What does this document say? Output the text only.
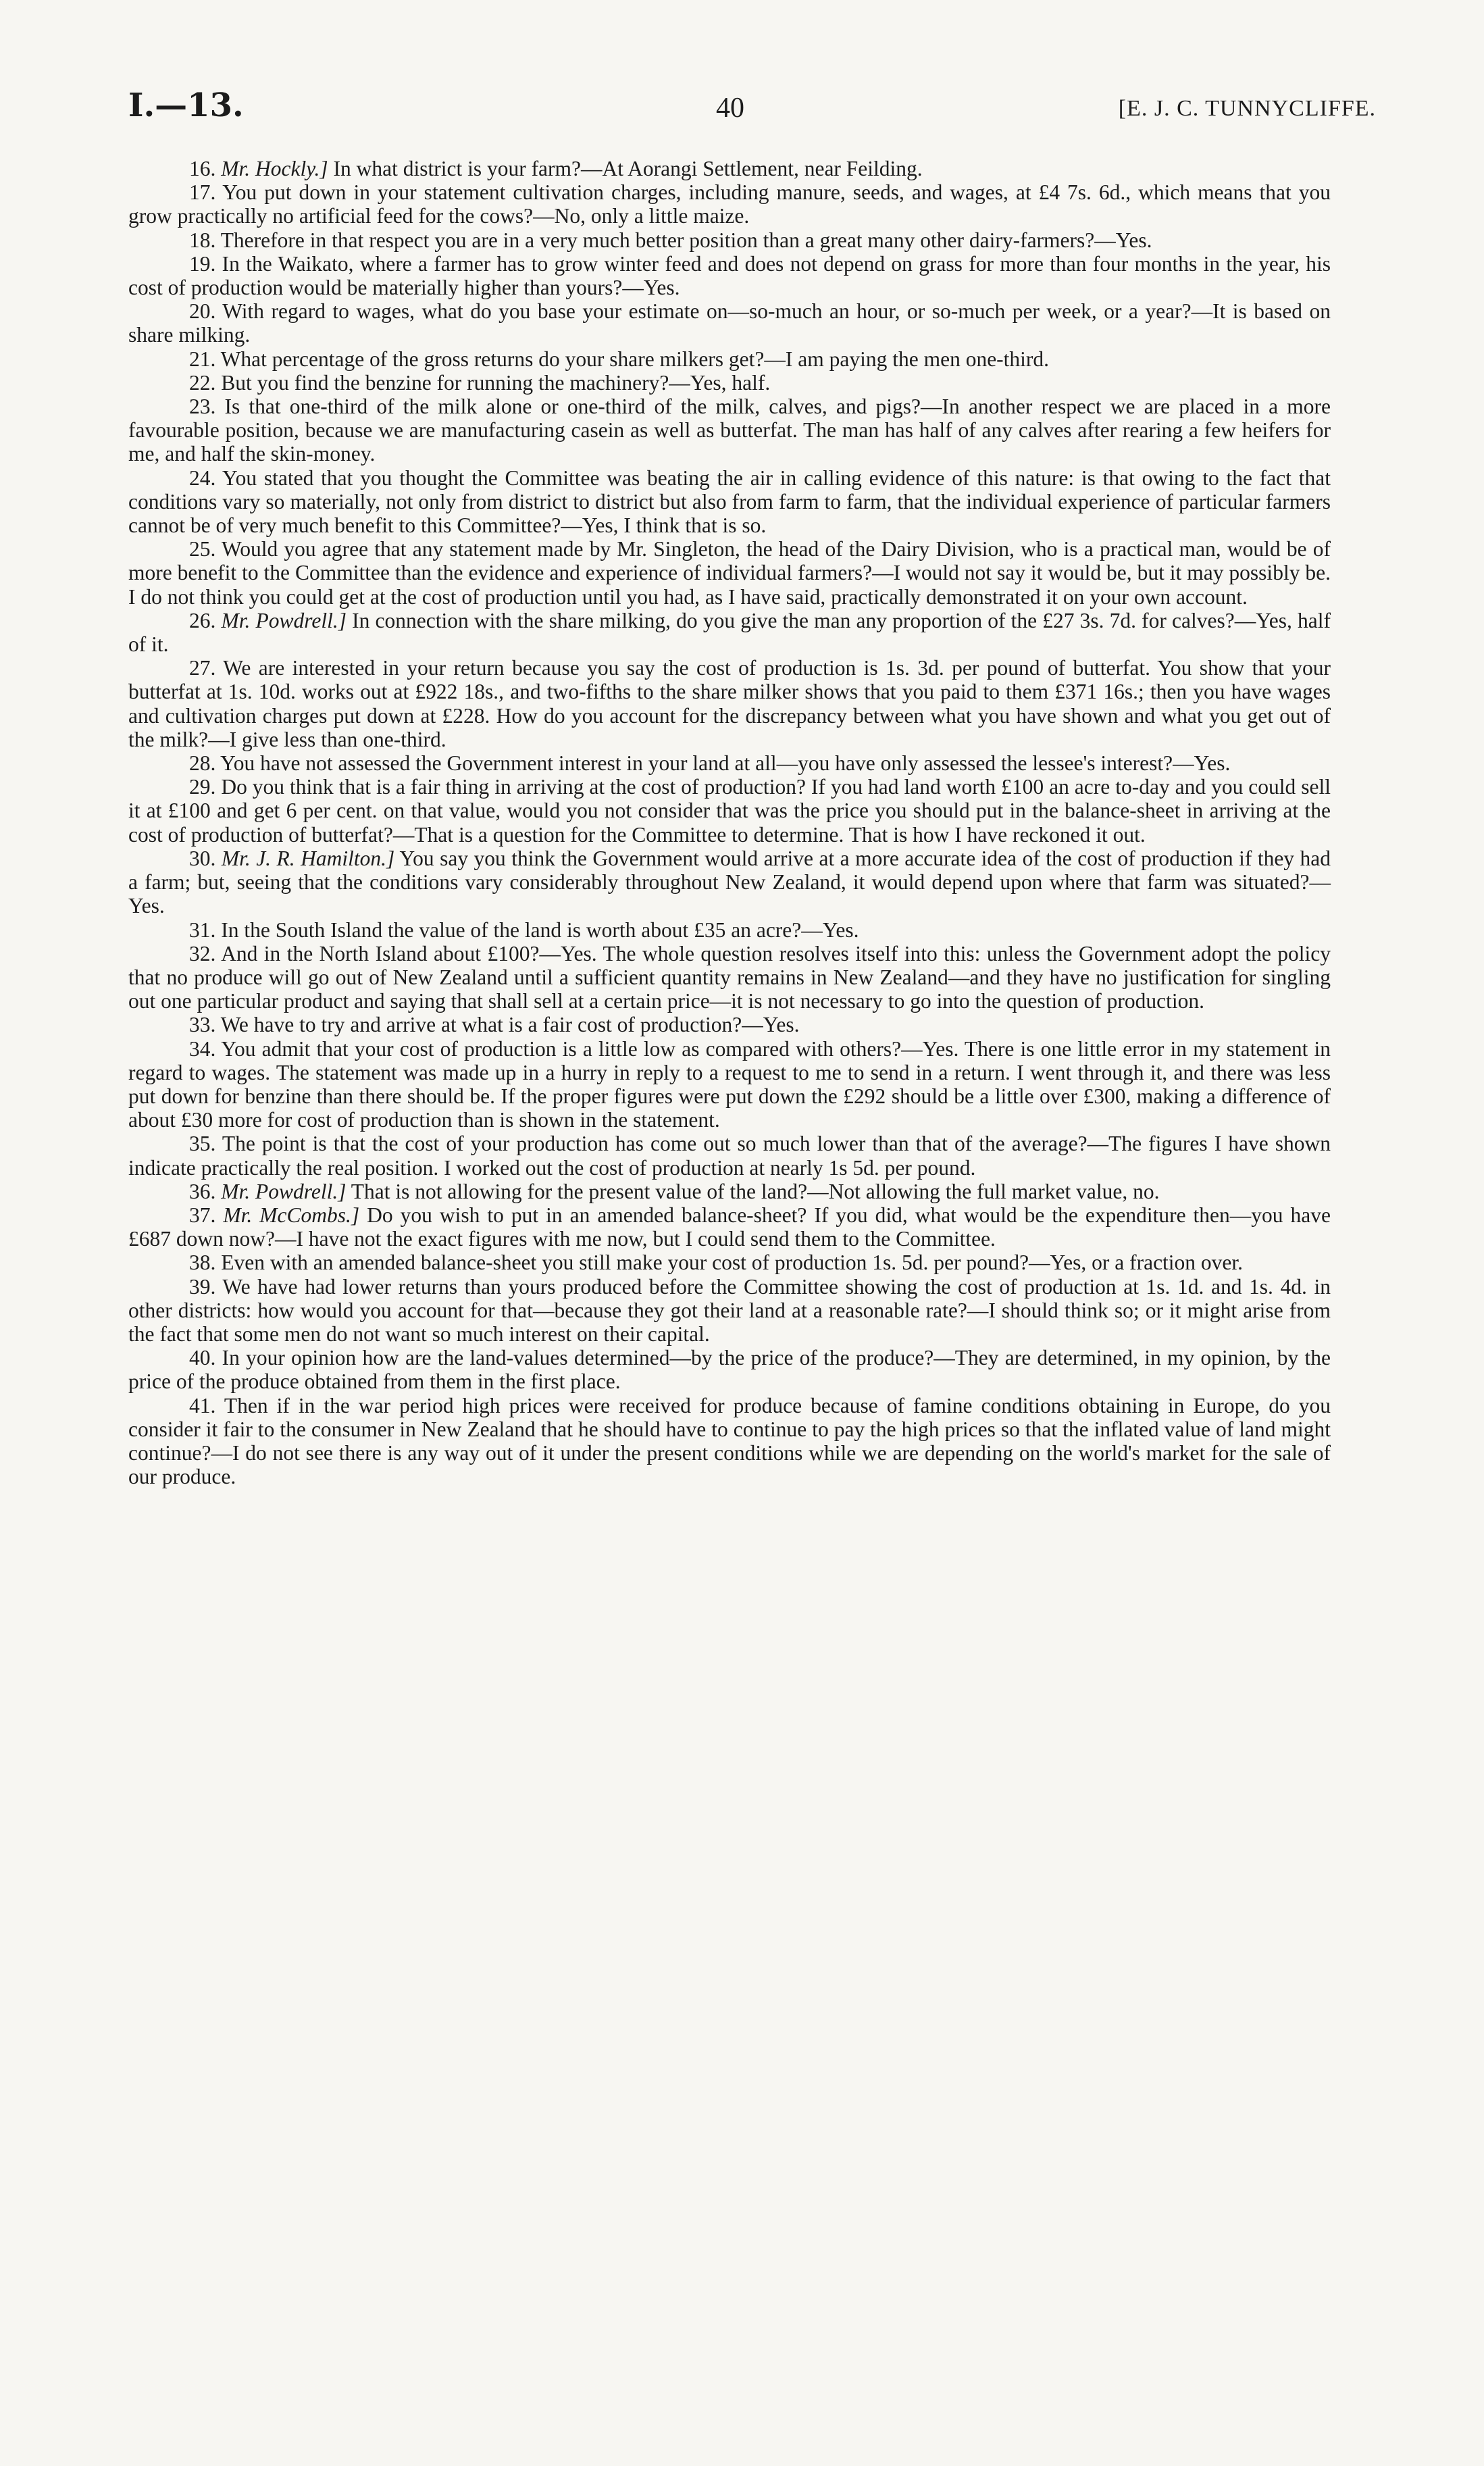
I.—13.	40	[E. J. C. TUNNYCLIFFE.

16. Mr. Hockly.] In what district is your farm?—At Aorangi Settlement, near Feilding.

17. You put down in your statement cultivation charges, including manure, seeds, and wages, at £4 7s. 6d., which means that you grow practically no artificial feed for the cows?—No, only a little maize.

18. Therefore in that respect you are in a very much better position than a great many other dairy-farmers?—Yes.

19. In the Waikato, where a farmer has to grow winter feed and does not depend on grass for more than four months in the year, his cost of production would be materially higher than yours?—Yes.

20. With regard to wages, what do you base your estimate on—so-much an hour, or so-much per week, or a year?—It is based on share milking.

21. What percentage of the gross returns do your share milkers get?—I am paying the men one-third.

22. But you find the benzine for running the machinery?—Yes, half.

23. Is that one-third of the milk alone or one-third of the milk, calves, and pigs?—In another respect we are placed in a more favourable position, because we are manufacturing casein as well as butterfat. The man has half of any calves after rearing a few heifers for me, and half the skin-money.

24. You stated that you thought the Committee was beating the air in calling evidence of this nature: is that owing to the fact that conditions vary so materially, not only from district to district but also from farm to farm, that the individual experience of particular farmers cannot be of very much benefit to this Committee?—Yes, I think that is so.

25. Would you agree that any statement made by Mr. Singleton, the head of the Dairy Division, who is a practical man, would be of more benefit to the Committee than the evidence and experience of individual farmers?—I would not say it would be, but it may possibly be. I do not think you could get at the cost of production until you had, as I have said, practically demonstrated it on your own account.

26. Mr. Powdrell.] In connection with the share milking, do you give the man any proportion of the £27 3s. 7d. for calves?—Yes, half of it.

27. We are interested in your return because you say the cost of production is 1s. 3d. per pound of butterfat. You show that your butterfat at 1s. 10d. works out at £922 18s., and two-fifths to the share milker shows that you paid to them £371 16s.; then you have wages and cultivation charges put down at £228. How do you account for the discrepancy between what you have shown and what you get out of the milk?—I give less than one-third.

28. You have not assessed the Government interest in your land at all—you have only assessed the lessee's interest?—Yes.

29. Do you think that is a fair thing in arriving at the cost of production? If you had land worth £100 an acre to-day and you could sell it at £100 and get 6 per cent. on that value, would you not consider that was the price you should put in the balance-sheet in arriving at the cost of production of butterfat?—That is a question for the Committee to determine. That is how I have reckoned it out.

30. Mr. J. R. Hamilton.] You say you think the Government would arrive at a more accurate idea of the cost of production if they had a farm; but, seeing that the conditions vary considerably throughout New Zealand, it would depend upon where that farm was situated?—Yes.

31. In the South Island the value of the land is worth about £35 an acre?—Yes.

32. And in the North Island about £100?—Yes. The whole question resolves itself into this: unless the Government adopt the policy that no produce will go out of New Zealand until a sufficient quantity remains in New Zealand—and they have no justification for singling out one particular product and saying that shall sell at a certain price—it is not necessary to go into the question of production.

33. We have to try and arrive at what is a fair cost of production?—Yes.

34. You admit that your cost of production is a little low as compared with others?—Yes. There is one little error in my statement in regard to wages. The statement was made up in a hurry in reply to a request to me to send in a return. I went through it, and there was less put down for benzine than there should be. If the proper figures were put down the £292 should be a little over £300, making a difference of about £30 more for cost of production than is shown in the statement.

35. The point is that the cost of your production has come out so much lower than that of the average?—The figures I have shown indicate practically the real position. I worked out the cost of production at nearly 1s 5d. per pound.

36. Mr. Powdrell.] That is not allowing for the present value of the land?—Not allowing the full market value, no.

37. Mr. McCombs.] Do you wish to put in an amended balance-sheet? If you did, what would be the expenditure then—you have £687 down now?—I have not the exact figures with me now, but I could send them to the Committee.

38. Even with an amended balance-sheet you still make your cost of production 1s. 5d. per pound?—Yes, or a fraction over.

39. We have had lower returns than yours produced before the Committee showing the cost of production at 1s. 1d. and 1s. 4d. in other districts: how would you account for that—because they got their land at a reasonable rate?—I should think so; or it might arise from the fact that some men do not want so much interest on their capital.

40. In your opinion how are the land-values determined—by the price of the produce?—They are determined, in my opinion, by the price of the produce obtained from them in the first place.

41. Then if in the war period high prices were received for produce because of famine conditions obtaining in Europe, do you consider it fair to the consumer in New Zealand that he should have to continue to pay the high prices so that the inflated value of land might continue?—I do not see there is any way out of it under the present conditions while we are depending on the world's market for the sale of our produce.
